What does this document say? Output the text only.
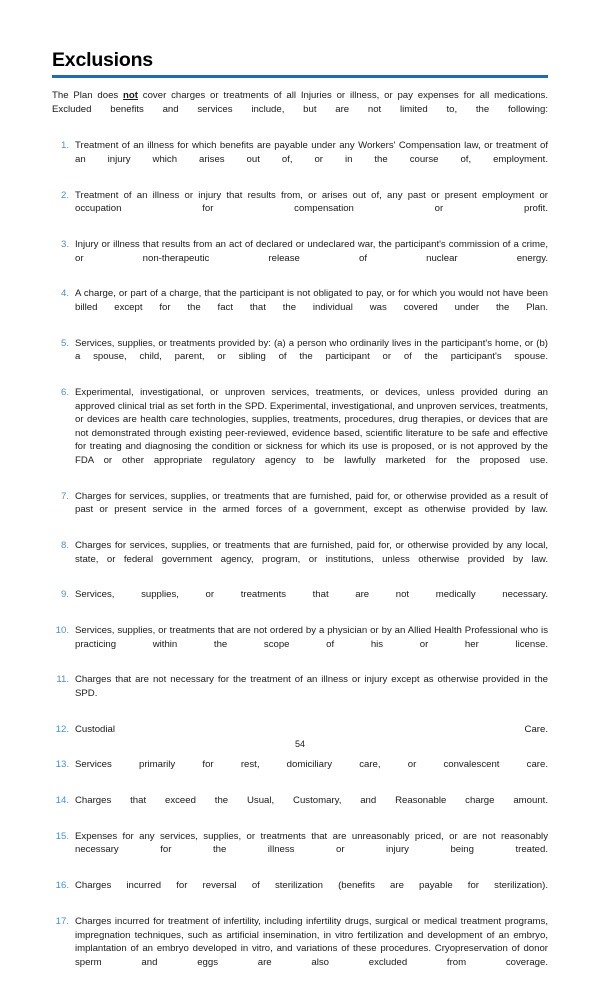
Exclusions

The Plan does not cover charges or treatments of all Injuries or illness, or pay expenses for all medications. Excluded benefits and services include, but are not limited to, the following:

1. Treatment of an illness for which benefits are payable under any Workers' Compensation law, or treatment of an injury which arises out of, or in the course of, employment.
2. Treatment of an illness or injury that results from, or arises out of, any past or present employment or occupation for compensation or profit.
3. Injury or illness that results from an act of declared or undeclared war, the participant's commission of a crime, or non-therapeutic release of nuclear energy.
4. A charge, or part of a charge, that the participant is not obligated to pay, or for which you would not have been billed except for the fact that the individual was covered under the Plan.
5. Services, supplies, or treatments provided by: (a) a person who ordinarily lives in the participant's home, or (b) a spouse, child, parent, or sibling of the participant or of the participant's spouse.
6. Experimental, investigational, or unproven services, treatments, or devices, unless provided during an approved clinical trial as set forth in the SPD. Experimental, investigational, and unproven services, treatments, or devices are health care technologies, supplies, treatments, procedures, drug therapies, or devices that are not demonstrated through existing peer-reviewed, evidence based, scientific literature to be safe and effective for treating and diagnosing the condition or sickness for which its use is proposed, or is not approved by the FDA or other appropriate regulatory agency to be lawfully marketed for the proposed use.
7. Charges for services, supplies, or treatments that are furnished, paid for, or otherwise provided as a result of past or present service in the armed forces of a government, except as otherwise provided by law.
8. Charges for services, supplies, or treatments that are furnished, paid for, or otherwise provided by any local, state, or federal government agency, program, or institutions, unless otherwise provided by law.
9. Services, supplies, or treatments that are not medically necessary.
10. Services, supplies, or treatments that are not ordered by a physician or by an Allied Health Professional who is practicing within the scope of his or her license.
11. Charges that are not necessary for the treatment of an illness or injury except as otherwise provided in the SPD.
12. Custodial Care.
13. Services primarily for rest, domiciliary care, or convalescent care.
14. Charges that exceed the Usual, Customary, and Reasonable charge amount.
15. Expenses for any services, supplies, or treatments that are unreasonably priced, or are not reasonably necessary for the illness or injury being treated.
16. Charges incurred for reversal of sterilization (benefits are payable for sterilization).
17. Charges incurred for treatment of infertility, including infertility drugs, surgical or medical treatment programs, impregnation techniques, such as artificial insemination, in vitro fertilization and development of an embryo, implantation of an embryo developed in vitro, and variations of these procedures. Cryopreservation of donor sperm and eggs are also excluded from coverage.
54
